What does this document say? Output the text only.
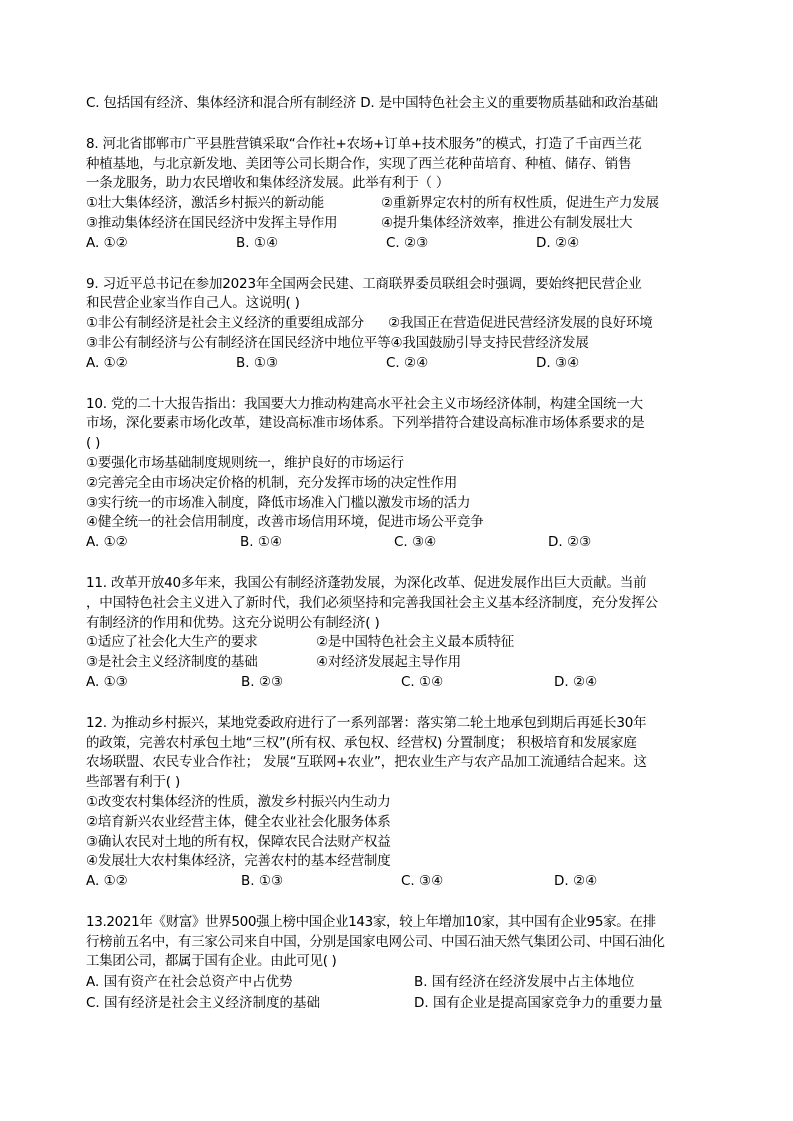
C. 包括国有经济、集体经济和混合所有制经济 D. 是中国特色社会主义的重要物质基础和政治基础
8. 河北省邯郸市广平县胜营镇采取“合作社+农场+订单+技术服务”的模式，打造了千亩西兰花
种植基地，与北京新发地、美团等公司长期合作，实现了西兰花种苗培育、种植、储存、销售
一条龙服务，助力农民增收和集体经济发展。此举有利于（ ）
①壮大集体经济，激活乡村振兴的新动能	②重新界定农村的所有权性质，促进生产力发展
③推动集体经济在国民经济中发挥主导作用	④提升集体经济效率，推进公有制发展壮大
A. ①②	B. ①④	C. ②③	D. ②④
9. 习近平总书记在参加2023年全国两会民建、工商联界委员联组会时强调，要始终把民营企业
和民营企业家当作自己人。这说明( )
①非公有制经济是社会主义经济的重要组成部分	②我国正在营造促进民营经济发展的良好环境
③非公有制经济与公有制经济在国民经济中地位平等 ④我国鼓励引导支持民营经济发展
A. ①②	B. ①③	C. ②④	D. ③④
10. 党的二十大报告指出：我国要大力推动构建高水平社会主义市场经济体制，构建全国统一大
市场，深化要素市场化改革，建设高标准市场体系。下列举措符合建设高标准市场体系要求的是
( )
①要强化市场基础制度规则统一，维护良好的市场运行
②完善完全由市场决定价格的机制，充分发挥市场的决定性作用
③实行统一的市场准入制度，降低市场准入门槛以激发市场的活力
④健全统一的社会信用制度，改善市场信用环境，促进市场公平竞争
A. ①②	B. ①④	C. ③④	D. ②③
11. 改革开放40多年来，我国公有制经济蓬勃发展，为深化改革、促进发展作出巨大贡献。当前
，中国特色社会主义进入了新时代，我们必须坚持和完善我国社会主义基本经济制度，充分发挥公
有制经济的作用和优势。这充分说明公有制经济( )
①适应了社会化大生产的要求	②是中国特色社会主义最本质特征
③是社会主义经济制度的基础	④对经济发展起主导作用
A. ①③	B. ②③	C. ①④	D. ②④
12. 为推动乡村振兴，某地党委政府进行了一系列部署：落实第二轮土地承包到期后再延长30年
的政策，完善农村承包土地“三权”(所有权、承包权、经营权) 分置制度； 积极培育和发展家庭
农场联盟、农民专业合作社； 发展“互联网+农业”，把农业生产与农产品加工流通结合起来。这
些部署有利于( )
①改变农村集体经济的性质，激发乡村振兴内生动力
②培育新兴农业经营主体，健全农业社会化服务体系
③确认农民对土地的所有权，保障农民合法财产权益
④发展壮大农村集体经济，完善农村的基本经营制度
A. ①②	B. ①③	C. ③④	D. ②④
13.2021年《财富》世界500强上榜中国企业143家，较上年增加10家，其中国有企业95家。在排
行榜前五名中，有三家公司来自中国，分别是国家电网公司、中国石油天然气集团公司、中国石油化
工集团公司，都属于国有企业。由此可见( )
A. 国有资产在社会总资产中占优势	B. 国有经济在经济发展中占主体地位
C. 国有经济是社会主义经济制度的基础	D. 国有企业是提高国家竞争力的重要力量
